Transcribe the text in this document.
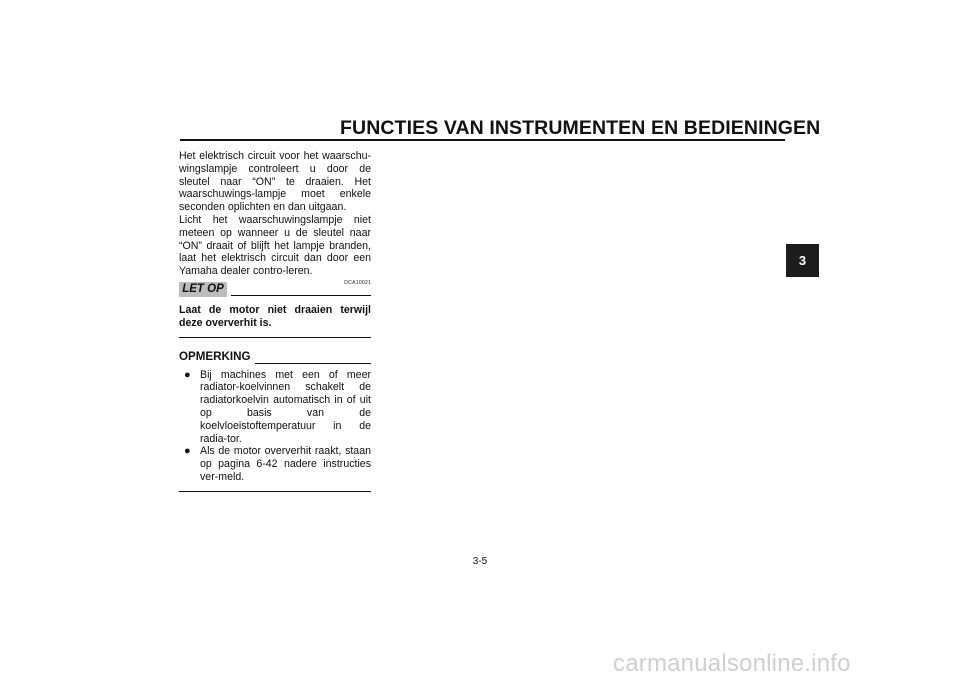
FUNCTIES VAN INSTRUMENTEN EN BEDIENINGEN
3

Het elektrisch circuit voor het waarschu-wingslampje controleert u door de sleutel naar “ON” te draaien. Het waarschuwings-lampje moet enkele seconden oplichten en dan uitgaan.

Licht het waarschuwingslampje niet meteen op wanneer u de sleutel naar “ON” draait of blijft het lampje branden, laat het elektrisch circuit dan door een Yamaha dealer contro-leren.

LET OP
DCA10021

Laat de motor niet draaien terwijl deze oververhit is.

OPMERKING
● Bij machines met een of meer radiator-koelvinnen schakelt de radiatorkoelvin automatisch in of uit op basis van de koelvloeistoftemperatuur in de radia-tor.
● Als de motor oververhit raakt, staan op pagina 6-42 nadere instructies ver-meld.
3-5
carmanualsonline.info
